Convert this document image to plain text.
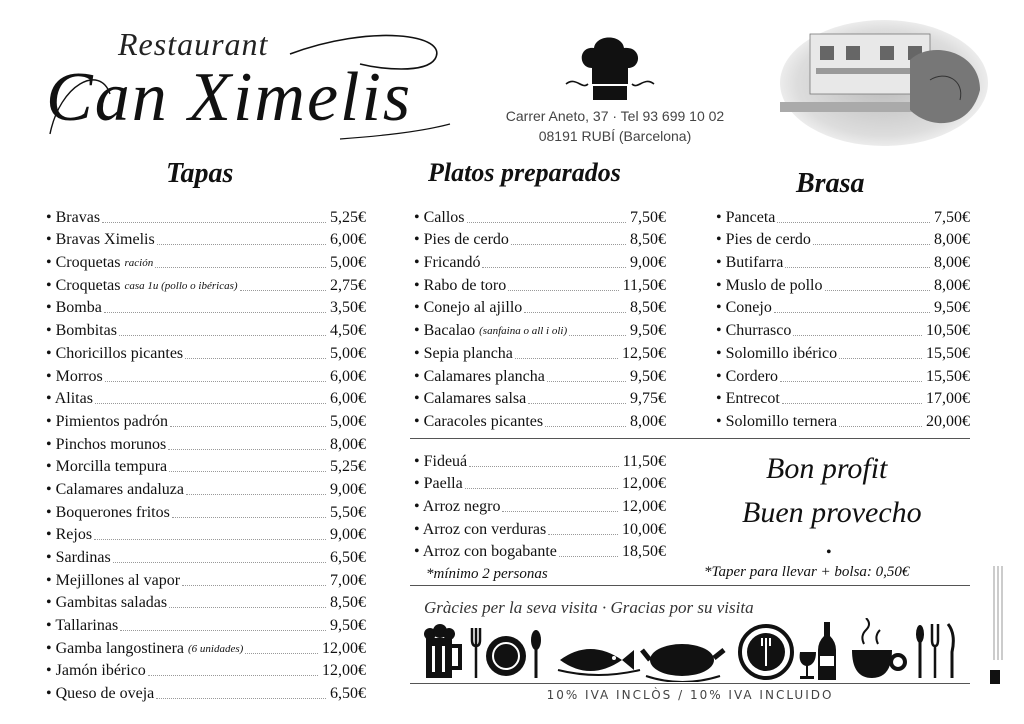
Restaurant
Can Ximelis	Carrer Aneto, 37 · Tel 93 699 10 02
08191 RUBÍ (Barcelona)
Tapas
• Bravas	5,25€
• Bravas Ximelis	6,00€
• Croquetas ración	5,00€
• Croquetas casa 1u (pollo o ibéricas)	2,75€
• Bomba	3,50€
• Bombitas	4,50€
• Choricillos picantes	5,00€
• Morros	6,00€
• Alitas	6,00€
• Pimientos padrón	5,00€
• Pinchos morunos	8,00€
• Morcilla tempura	5,25€
• Calamares andaluza	9,00€
• Boquerones fritos	5,50€
• Rejos	9,00€
• Sardinas	6,50€
• Mejillones al vapor	7,00€
• Gambitas saladas	8,50€
• Tallarinas	9,50€
• Gamba langostinera (6 unidades)	12,00€
• Jamón ibérico	12,00€
• Queso de oveja	6,50€
Platos preparados
• Callos	7,50€
• Pies de cerdo	8,50€
• Fricandó	9,00€
• Rabo de toro	11,50€
• Conejo al ajillo	8,50€
• Bacalao (sanfaina o all i oli)	9,50€
• Sepia plancha	12,50€
• Calamares plancha	9,50€
• Calamares salsa	9,75€
• Caracoles picantes	8,00€
Brasa
• Panceta	7,50€
• Pies de cerdo	8,00€
• Butifarra	8,00€
• Muslo de pollo	8,00€
• Conejo	9,50€
• Churrasco	10,50€
• Solomillo ibérico	15,50€
• Cordero	15,50€
• Entrecot	17,00€
• Solomillo ternera	20,00€
• Fideuá	11,50€
• Paella	12,00€
• Arroz negro	12,00€
• Arroz con verduras	10,00€
• Arroz con bogabante	18,50€
*mínimo 2 personas
Bon profit
Buen provecho
•
*Taper para llevar + bolsa: 0,50€
Gràcies per la seva visita · Gracias por su visita
10% IVA INCLÒS / 10% IVA INCLUIDO
